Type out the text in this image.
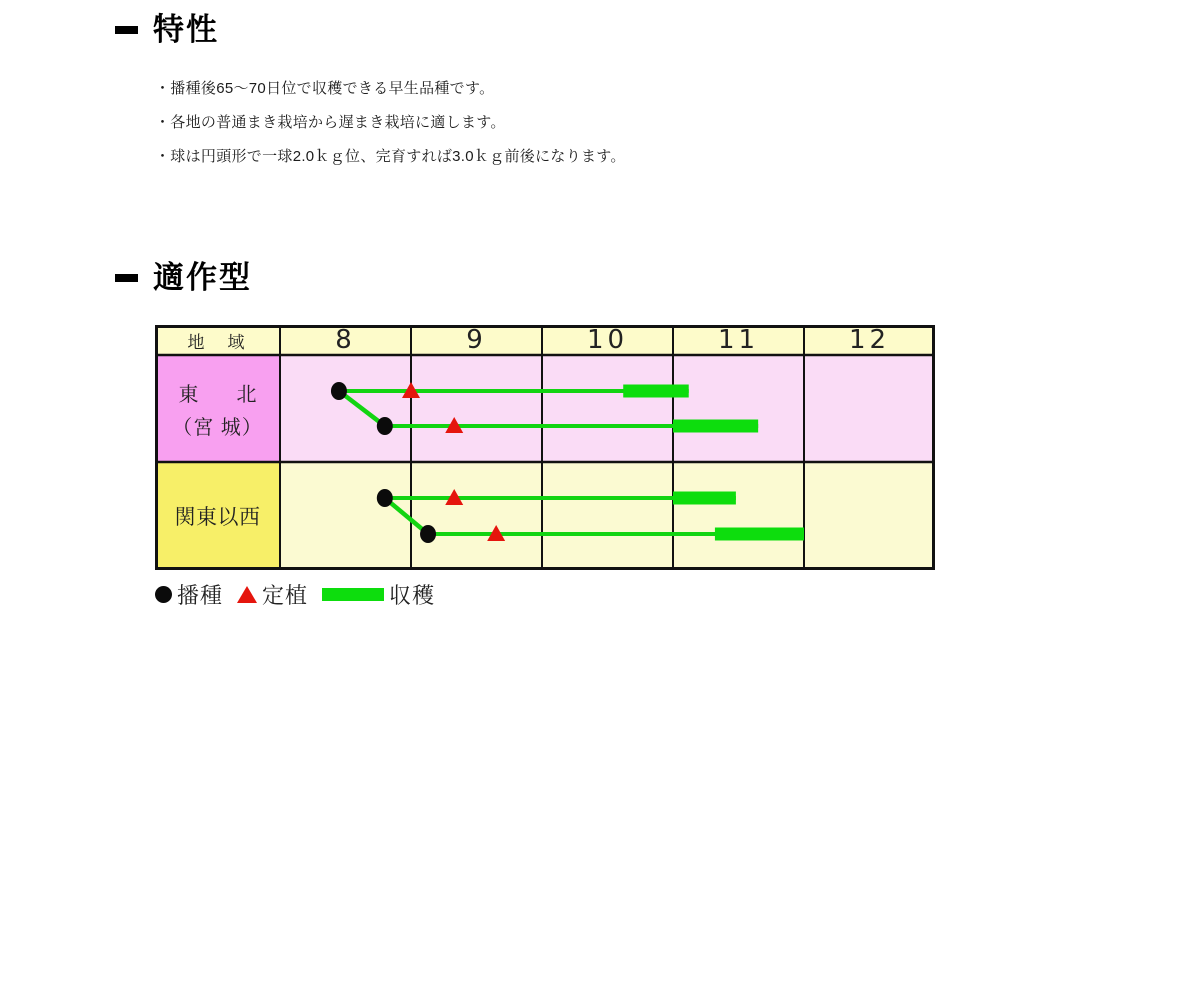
特性
・播種後65～70日位で収穫できる早生品種です。
・各地の普通まき栽培から遅まき栽培に適します。
・球は円頭形で一球2.0ｋｇ位、完育すれば3.0ｋｇ前後になります。
適作型
地　域	8	9	10	11	12
東　北
（宮 城）
関東以西
播種 定植	収穫
